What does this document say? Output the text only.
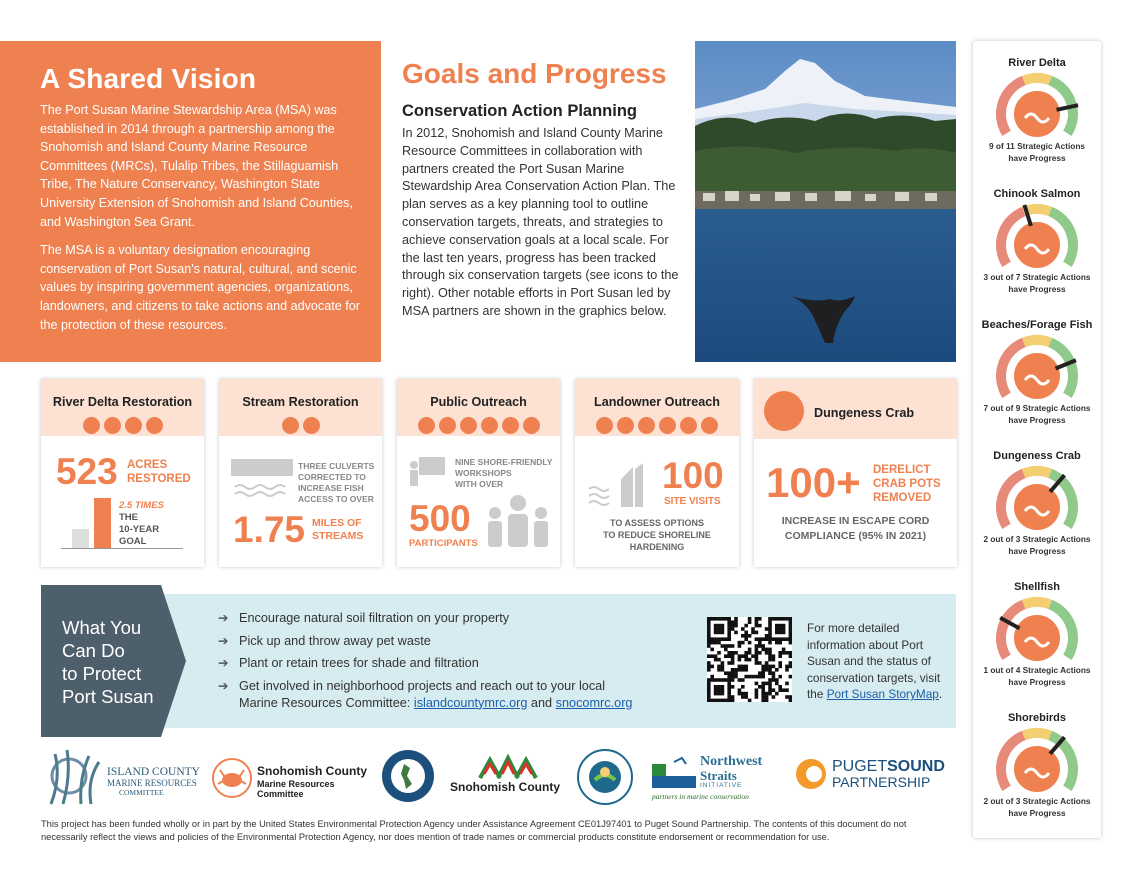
A Shared Vision

The Port Susan Marine Stewardship Area (MSA) was established in 2014 through a partnership among the Snohomish and Island County Marine Resource Committees (MRCs), Tulalip Tribes, the Stillaguamish Tribe, The Nature Conservancy, Washington State University Extension of Snohomish and Island Counties, and Washington Sea Grant.

The MSA is a voluntary designation encouraging conservation of Port Susan's natural, cultural, and scenic values by inspiring government agencies, organizations, landowners, and citizens to take actions and advocate for the protection of these resources.

Goals and Progress
Conservation Action Planning

In 2012, Snohomish and Island County Marine Resource Committees in collaboration with partners created the Port Susan Marine Stewardship Area Conservation Action Plan. The plan serves as a key planning tool to outline conservation targets, threats, and strategies to achieve conservation goals at a local scale. For the last ten years, progress has been tracked through six conservation targets (see icons to the right). Other notable efforts in Port Susan led by MSA partners are shown in the graphics below.

River Delta
9 of 11 Strategic Actions
have Progress
Chinook Salmon
3 out of 7 Strategic Actions
have Progress
Beaches/Forage Fish
7 out of 9 Strategic Actions
have Progress
Dungeness Crab
2 out of 3 Strategic Actions
have Progress
Shellfish
1 out of 4 Strategic Actions
have Progress
Shorebirds
2 out of 3 Strategic Actions
have Progress
River Delta Restoration
523 ACRES
RESTORED
2.5 TIMES
THE
10-YEAR
GOAL
Stream Restoration
THREE CULVERTS
CORRECTED TO
INCREASE FISH
ACCESS TO OVER
1.75 MILES OF
STREAMS
Public Outreach
NINE SHORE-FRIENDLY
WORKSHOPS
WITH OVER
500
PARTICIPANTS
Landowner Outreach
100
SITE VISITS
TO ASSESS OPTIONS
TO REDUCE SHORELINE
HARDENING
Dungeness Crab
100+ DERELICT
CRAB POTS
REMOVED
INCREASE IN ESCAPE CORD
COMPLIANCE (95% IN 2021)
What You
Can Do
to Protect
Port Susan
➔ Encourage natural soil filtration on your property
➔ Pick up and throw away pet waste
➔ Plant or retain trees for shade and filtration
➔ Get involved in neighborhood projects and reach out to your local
Marine Resources Committee: islandcountymrc.org and snocomrc.org
For more detailed information about Port Susan and the status of conservation targets, visit the Port Susan StoryMap.
ISLAND COUNTY
MARINE RESOURCES
COMMITTEE
Snohomish County
Marine Resources
Committee	Snohomish County
Northwest
Straits
INITIATIVE
partners in marine conservation
PUGETSOUND
PARTNERSHIP
This project has been funded wholly or in part by the United States Environmental Protection Agency under Assistance Agreement CE01J97401 to Puget Sound Partnership. The contents of this document do not necessarily reflect the views and policies of the Environmental Protection Agency, nor does mention of trade names or commercial products constitute endorsement or recommendation for use.
